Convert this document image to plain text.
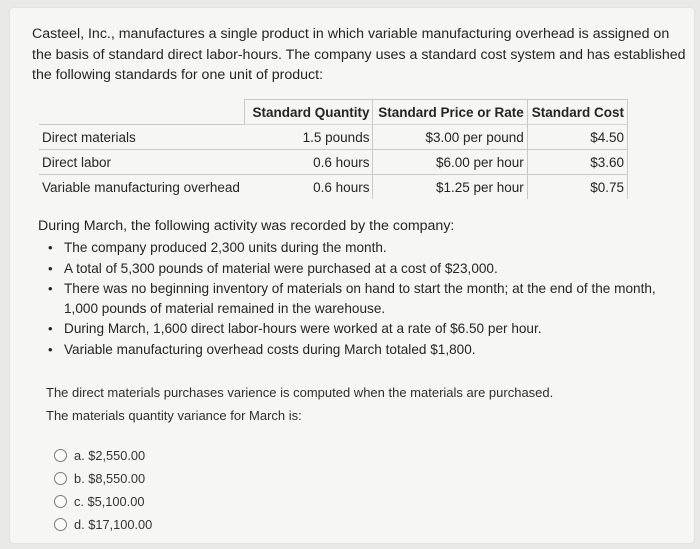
Casteel, Inc., manufactures a single product in which variable manufacturing overhead is assigned on the basis of standard direct labor-hours. The company uses a standard cost system and has established the following standards for one unit of product:
	Standard Quantity	Standard Price or Rate	Standard Cost
Direct materials	1.5 pounds	$3.00 per pound	$4.50
Direct labor	0.6 hours	$6.00 per hour	$3.60
Variable manufacturing overhead	0.6 hours	$1.25 per hour	$0.75
During March, the following activity was recorded by the company:
• The company produced 2,300 units during the month.
• A total of 5,300 pounds of material were purchased at a cost of $23,000.
• There was no beginning inventory of materials on hand to start the month; at the end of the month, 1,000 pounds of material remained in the warehouse.
• During March, 1,600 direct labor-hours were worked at a rate of $6.50 per hour.
• Variable manufacturing overhead costs during March totaled $1,800.
The direct materials purchases varience is computed when the materials are purchased.
The materials quantity variance for March is:
a. $2,550.00
b. $8,550.00
c. $5,100.00
d. $17,100.00
